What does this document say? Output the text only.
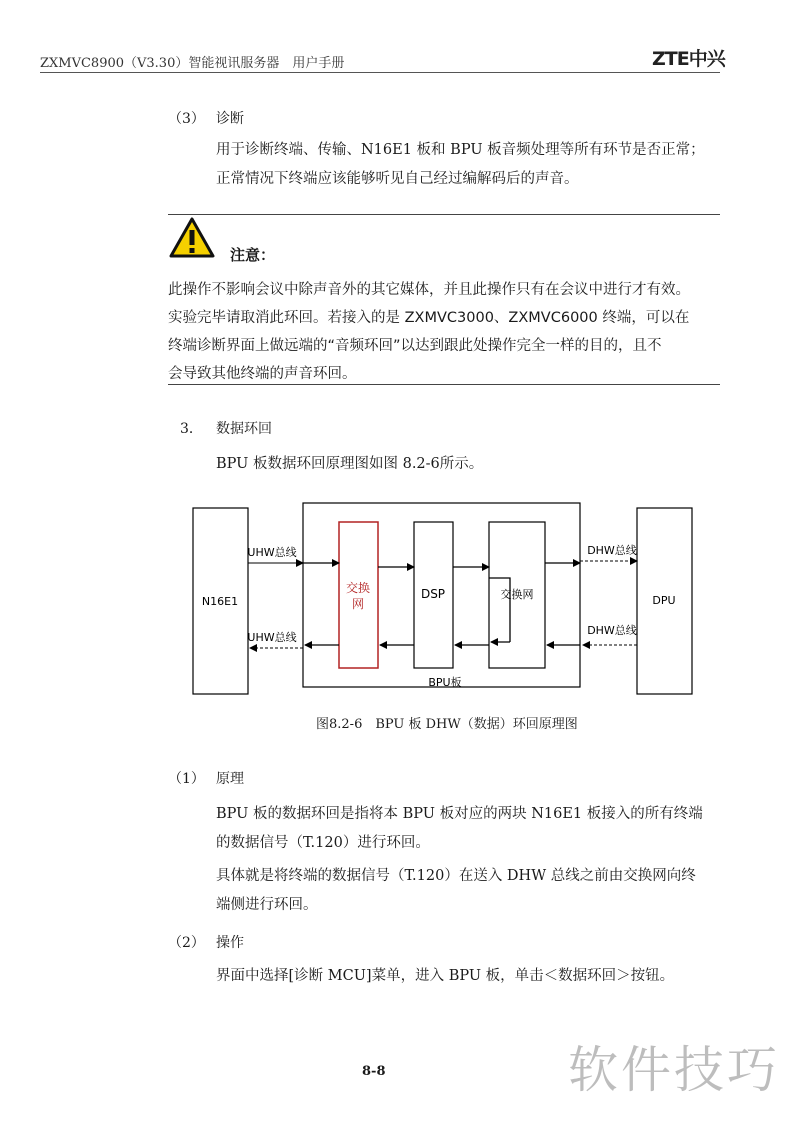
ZXMVC8900（V3.30）智能视讯服务器　用户手册	ZTE中兴
（3） 诊断
用于诊断终端、传输、N16E1 板和 BPU 板音频处理等所有环节是否正常；
正常情况下终端应该能够听见自己经过编解码后的声音。
注意：
此操作不影响会议中除声音外的其它媒体，并且此操作只有在会议中进行才有效。
实验完毕请取消此环回。若接入的是 ZXMVC3000、ZXMVC6000 终端，可以在
终端诊断界面上做远端的“音频环回”以达到跟此处操作完全一样的目的，且不
会导致其他终端的声音环回。
3． 数据环回
BPU 板数据环回原理图如图 8.2-6所示。
N16E1
UHW总线
UHW总线
交换
网
DSP	交换网
DHW总线
DHW总线
DPU
BPU板
图8.2-6　BPU 板 DHW（数据）环回原理图
（1） 原理
BPU 板的数据环回是指将本 BPU 板对应的两块 N16E1 板接入的所有终端
的数据信号（T.120）进行环回。
具体就是将终端的数据信号（T.120）在送入 DHW 总线之前由交换网向终
端侧进行环回。
（2） 操作
界面中选择[诊断 MCU]菜单，进入 BPU 板，单击＜数据环回＞按钮。
8-8	软件技巧
